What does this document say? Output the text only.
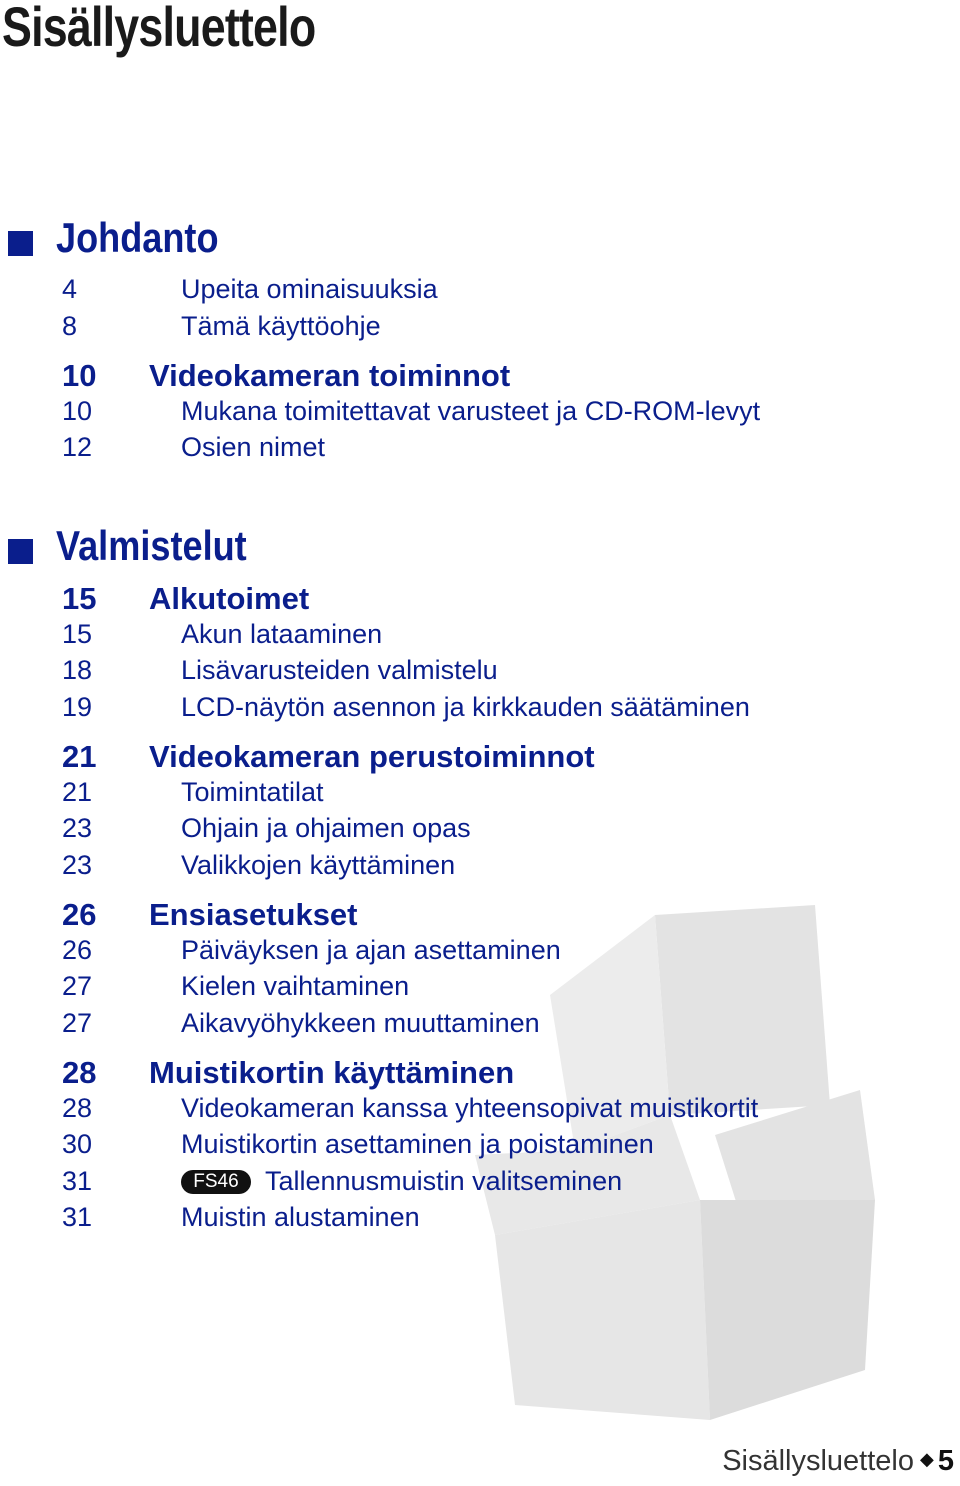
Sisällysluettelo
Johdanto
4	Upeita ominaisuuksia
8	Tämä käyttöohje
10 Videokameran toiminnot
10	Mukana toimitettavat varusteet ja CD-ROM-levyt
12	Osien nimet
Valmistelut
15 Alkutoimet
15	Akun lataaminen
18	Lisävarusteiden valmistelu
19	LCD-näytön asennon ja kirkkauden säätäminen
21 Videokameran perustoiminnot
21	Toimintatilat
23	Ohjain ja ohjaimen opas
23	Valikkojen käyttäminen
26 Ensiasetukset
26	Päiväyksen ja ajan asettaminen
27	Kielen vaihtaminen
27	Aikavyöhykkeen muuttaminen
28 Muistikortin käyttäminen
28	Videokameran kanssa yhteensopivat muistikortit
30	Muistikortin asettaminen ja poistaminen
31	FS46 Tallennusmuistin valitseminen
31	Muistin alustaminen
Sisällysluettelo ◆ 5
